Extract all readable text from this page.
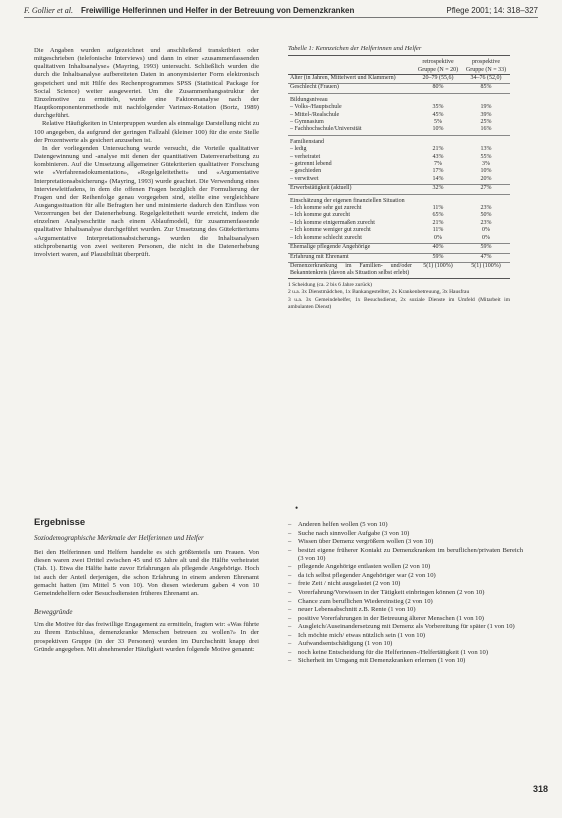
F. Gollier et al. Freiwillige Helferinnen und Helfer in der Betreuung von Demenzkranken	Pflege 2001; 14: 318–327

Die Angaben wurden aufgezeichnet und anschließend transkribiert oder mitgeschrieben (telefonische Interviews) und dann in einer «zusammenfassenden qualitativen Inhaltsanalyse» (Mayring, 1993) untersucht. Schließlich wurden die durch die Inhaltsanalyse aufbereiteten Daten in anonymisierter Form elektronisch gespeichert und mit Hilfe des Rechenprogrammes SPSS (Statistical Package for Social Science) weiter ausgewertet. Um die Zusammenhangsstruktur der Einzelmotive zu ermitteln, wurde eine Faktorenanalyse nach der Hauptkomponentenmethode mit nachfolgender Varimax-Rotation (Bortz, 1989) durchgeführt.

Relative Häufigkeiten in Unterpruppen wurden als einmalige Darstellung nicht zu 100 angegeben, da aufgrund der geringen Fallzahl (kleiner 100) für die erste Stelle der Prozentwerte als gesichert anzusehen ist.

In der vorliegenden Untersuchung wurde versucht, die Vorteile qualitativer Datengewinnung und -analyse mit denen der quantitativen Datenverarbeitung zu kombinieren. Auf die Umsetzung allgemeiner Gütekriterien qualitativer Forschung wie «Verfahrensdokumentation», «Regelgeleitetheit» und «Argumentative Interpretationsabsicherung» (Mayring, 1993) wurde geachtet. Die Verwendung eines Interviewleitfadens, in dem die offenen Fragen bezüglich der Formulierung der Fragen und der Reihenfolge genau vorgegeben sind, stellte eine vergleichbare Ausgangssituation für alle Befragten her und minimierte dadurch den Einfluss von Verzerrungen bei der Datenerhebung. Regelgeleitetheit wurde erreicht, indem die einzelnen Analyseschritte nach einem Ablaufmodell, für zusammenfassende qualitative Inhaltsanalyse durchgeführt wurden. Zur Umsetzung des Gütekriteriums «Argumentative Interpretationsabsicherung» wurden die Inhaltsanalysen stichprobenartig von zwei weiteren Personen, die nicht in die Datenerhebung involviert waren, auf Plausibilität überprüft.

•
Ergebnisse
Soziodemographische Merkmale der Helferinnen und Helfer

Bei den Helferinnen und Helfern handelte es sich größtenteils um Frauen. Von diesen waren zwei Drittel zwischen 45 und 65 Jahre alt und die Hälfte verheiratet (Tab. 1). Etwa die Hälfte hatte zuvor Erfahrungen als pflegende Angehörige. Hoch ist auch der Anteil derjenigen, die schon Erfahrung in einem anderen Ehrenamt gemacht hatten (im Mittel 5 von 10). Von diesen wiederum gaben 4 von 10 Gemeindehelfern oder Besuchsdiensten früheres Ehrenamt an.

Beweggründe

Um die Motive für das freiwillige Engagement zu ermitteln, fragten wir: «Was führte zu Ihrem Entschluss, demenzkranke Menschen betreuen zu wollen?» In der prospektiven Gruppe (in der 33 Personen) wurden im Durchschnitt knapp drei Gründe angegeben. Mit abnehmender Häufigkeit wurden folgende Motive genannt:

Tabelle 1: Kennzeichen der Helferinnen und Helfer
	retrospektive Gruppe (N = 20)	prospektive Gruppe (N = 33)
Alter (in Jahren, Mittelwert und Klammern)	20–79 (55,6)	34–76 (52,0)
Geschlecht (Frauen)	80%	85%
Bildungsniveau		
– Volks-/Hauptschule	35%	19%
– Mittel-/Realschule	45%	39%
– Gymnasium	5%	25%
– Fachhochschule/Universität	10%	16%
Familienstand		
– ledig	21%	13%
– verheiratet	43%	55%
– getrennt lebend	7%	3%
– geschieden	17%	10%
– verwitwet	14%	20%
Erwerbstätigkeit (aktuell)	32%	27%
Einschätzung der eigenen finanziellen Situation		
– Ich komme sehr gut zurecht	11%	23%
– Ich komme gut zurecht	65%	50%
– Ich komme einigermaßen zurecht	21%	23%
– Ich komme weniger gut zurecht	11%	0%
– Ich komme schlecht zurecht	0%	0%
Ehemalige pflegende Angehörige	40%	59%
Erfahrung mit Ehrenamt	59%	47%
Demenzerkrankung im Familien- und/oder Bekanntenkreis (davon als Situation selbst erlebt)	5(1) (100%)	5(1) (100%)
1 Scheidung (ca. 2 bis 6 Jahre zurück)
2 u.a. 3x Dienstmädchen, 1x Bankangestellter, 2x Krankenbetreuung, 3x Hausfrau
3 u.a. 3x Gemeindehelfer, 1x Besuchsdienst, 2x soziale Dienste im Umfeld (Mitarbeit im ambulanten Dienst)
– Anderen helfen wollen (5 von 10)
– Suche nach sinnvoller Aufgabe (3 von 10)
– Wissen über Demenz vergrößern wollen (3 von 10)
– besitzt eigene früherer Kontakt zu Demenzkranken im beruflichen/privaten Bereich (3 von 10)
– pflegende Angehörige entlasten wollen (2 von 10)
– da ich selbst pflegender Angehöriger war (2 von 10)
– freie Zeit / nicht ausgelastet (2 von 10)
– Vorerfahrung/Vorwissen in der Tätigkeit einbringen können (2 von 10)
– Chance zum beruflichen Wiedereinstieg (2 von 10)
– neuer Lebensabschnitt z.B. Rente (1 von 10)
– positive Vorerfahrungen in der Betreuung älterer Menschen (1 von 10)
– Ausgleich/Auseinandersetzung mit Demenz als Vorbereitung für später (1 von 10)
– Ich möchte mich/ etwas nützlich sein (1 von 10)
– Aufwandsentschädigung (1 von 10)
– noch keine Entscheidung für die Helferinnen-/Helfertätigkeit (1 von 10)
– Sicherheit im Umgang mit Demenzkranken erlernen (1 von 10)
318
